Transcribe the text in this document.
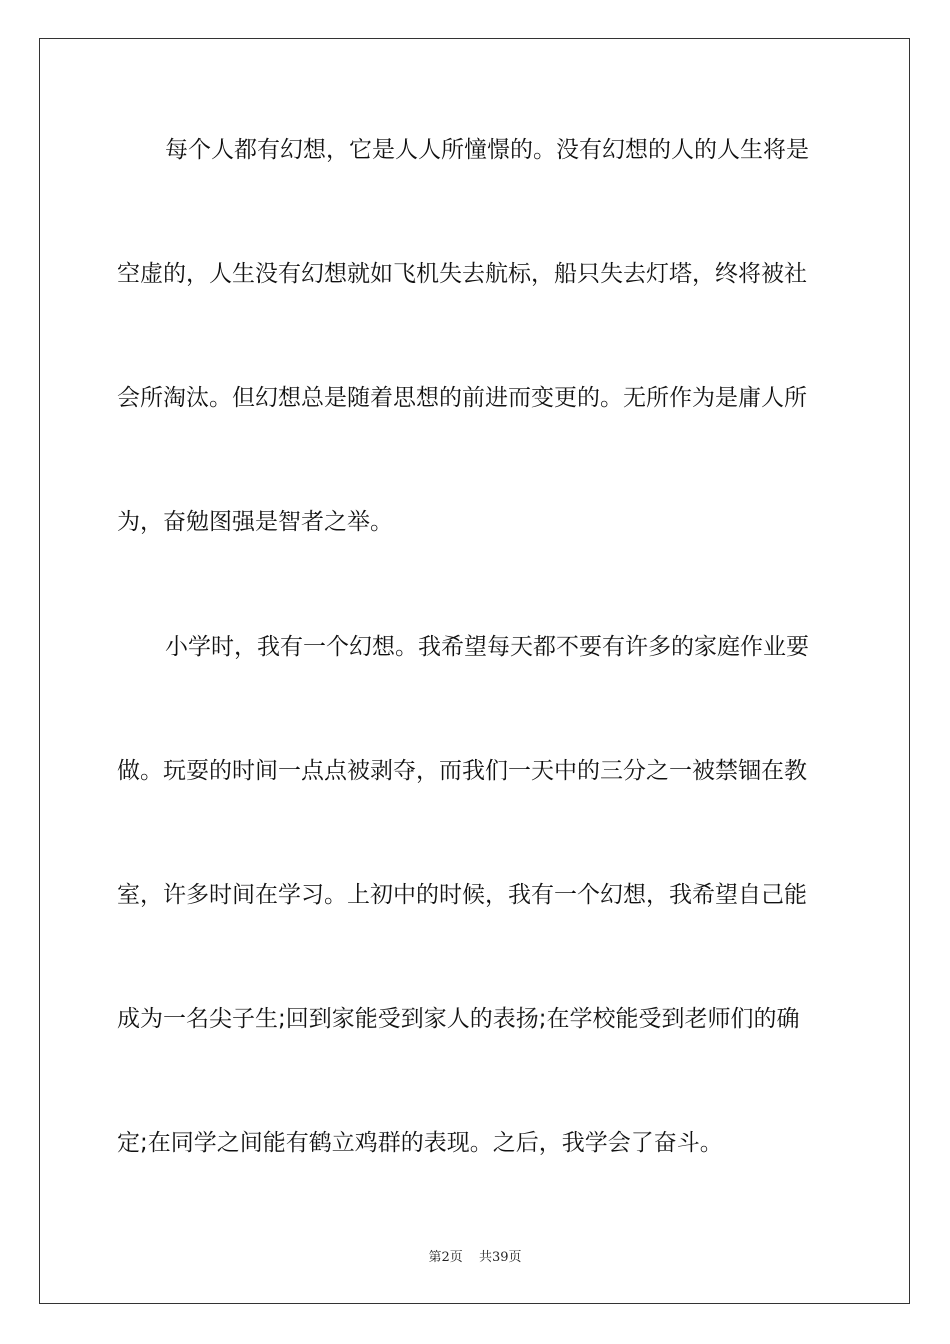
每个人都有幻想，它是人人所憧憬的。没有幻想的人的人生将是
空虚的，人生没有幻想就如飞机失去航标，船只失去灯塔，终将被社
会所淘汰。但幻想总是随着思想的前进而变更的。无所作为是庸人所
为，奋勉图强是智者之举。
小学时，我有一个幻想。我希望每天都不要有许多的家庭作业要
做。玩耍的时间一点点被剥夺，而我们一天中的三分之一被禁锢在教
室，许多时间在学习。上初中的时候，我有一个幻想，我希望自己能
成为一名尖子生;回到家能受到家人的表扬;在学校能受到老师们的确
定;在同学之间能有鹤立鸡群的表现。之后，我学会了奋斗。
第2页 共39页
